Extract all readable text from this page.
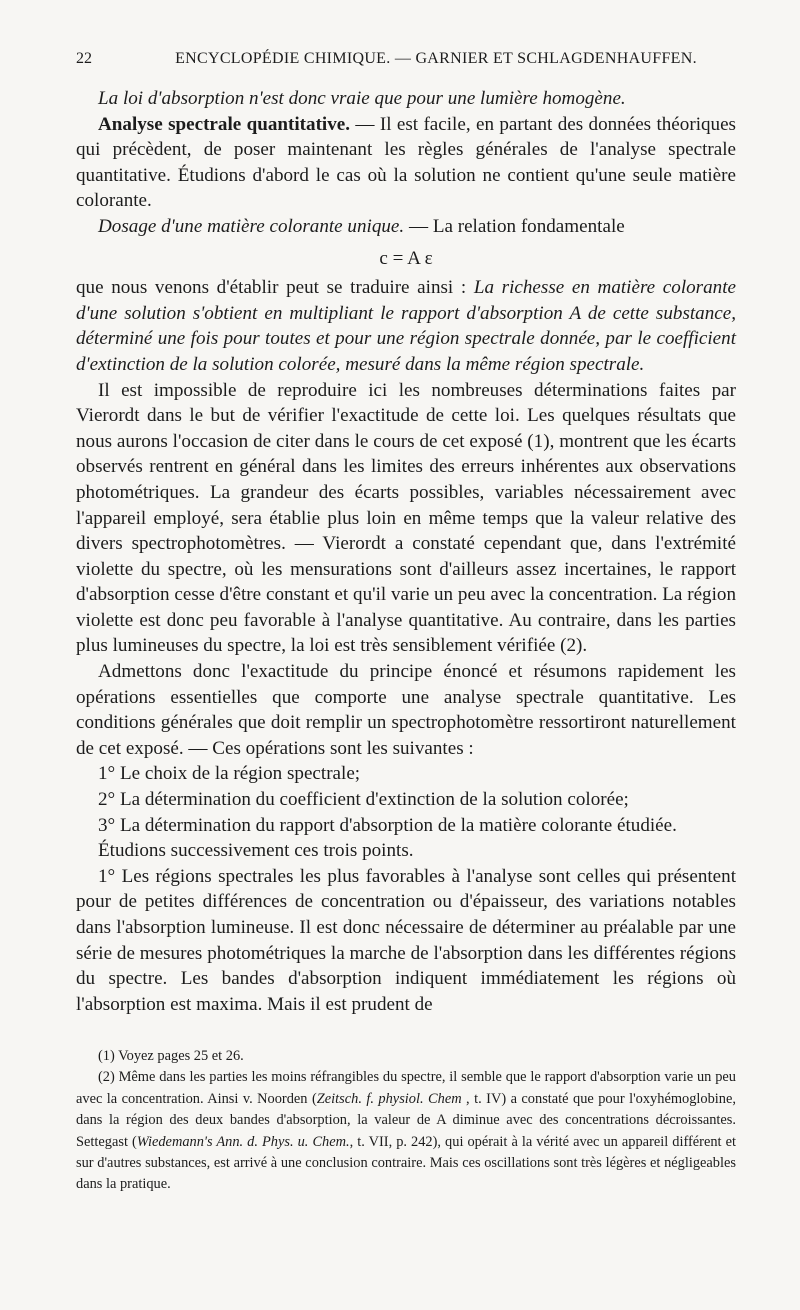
22	ENCYCLOPÉDIE CHIMIQUE. — GARNIER ET SCHLAGDENHAUFFEN.

La loi d'absorption n'est donc vraie que pour une lumière homogène.

Analyse spectrale quantitative. — Il est facile, en partant des données théoriques qui précèdent, de poser maintenant les règles générales de l'analyse spectrale quantitative. Étudions d'abord le cas où la solution ne contient qu'une seule matière colorante.

Dosage d'une matière colorante unique. — La relation fondamentale

c = A ε

que nous venons d'établir peut se traduire ainsi : La richesse en matière colorante d'une solution s'obtient en multipliant le rapport d'absorption A de cette substance, déterminé une fois pour toutes et pour une région spectrale donnée, par le coefficient d'extinction de la solution colorée, mesuré dans la même région spectrale.

Il est impossible de reproduire ici les nombreuses déterminations faites par Vierordt dans le but de vérifier l'exactitude de cette loi. Les quelques résultats que nous aurons l'occasion de citer dans le cours de cet exposé (1), montrent que les écarts observés rentrent en général dans les limites des erreurs inhérentes aux observations photométriques. La grandeur des écarts possibles, variables nécessairement avec l'appareil employé, sera établie plus loin en même temps que la valeur relative des divers spectrophotomètres. — Vierordt a constaté cependant que, dans l'extrémité violette du spectre, où les mensurations sont d'ailleurs assez incertaines, le rapport d'absorption cesse d'être constant et qu'il varie un peu avec la concentration. La région violette est donc peu favorable à l'analyse quantitative. Au contraire, dans les parties plus lumineuses du spectre, la loi est très sensiblement vérifiée (2).

Admettons donc l'exactitude du principe énoncé et résumons rapidement les opérations essentielles que comporte une analyse spectrale quantitative. Les conditions générales que doit remplir un spectrophotomètre ressortiront naturellement de cet exposé. — Ces opérations sont les suivantes :

1° Le choix de la région spectrale;

2° La détermination du coefficient d'extinction de la solution colorée;

3° La détermination du rapport d'absorption de la matière colorante étudiée.

Étudions successivement ces trois points.

1° Les régions spectrales les plus favorables à l'analyse sont celles qui présentent pour de petites différences de concentration ou d'épaisseur, des variations notables dans l'absorption lumineuse. Il est donc nécessaire de déterminer au préalable par une série de mesures photométriques la marche de l'absorption dans les différentes régions du spectre. Les bandes d'absorption indiquent immédiatement les régions où l'absorption est maxima. Mais il est prudent de

(1) Voyez pages 25 et 26.

(2) Même dans les parties les moins réfrangibles du spectre, il semble que le rapport d'absorption varie un peu avec la concentration. Ainsi v. Noorden (Zeitsch. f. physiol. Chem , t. IV) a constaté que pour l'oxyhémoglobine, dans la région des deux bandes d'absorption, la valeur de A diminue avec des concentrations décroissantes. Settegast (Wiedemann's Ann. d. Phys. u. Chem., t. VII, p. 242), qui opérait à la vérité avec un appareil différent et sur d'autres substances, est arrivé à une conclusion contraire. Mais ces oscillations sont très légères et négligeables dans la pratique.
